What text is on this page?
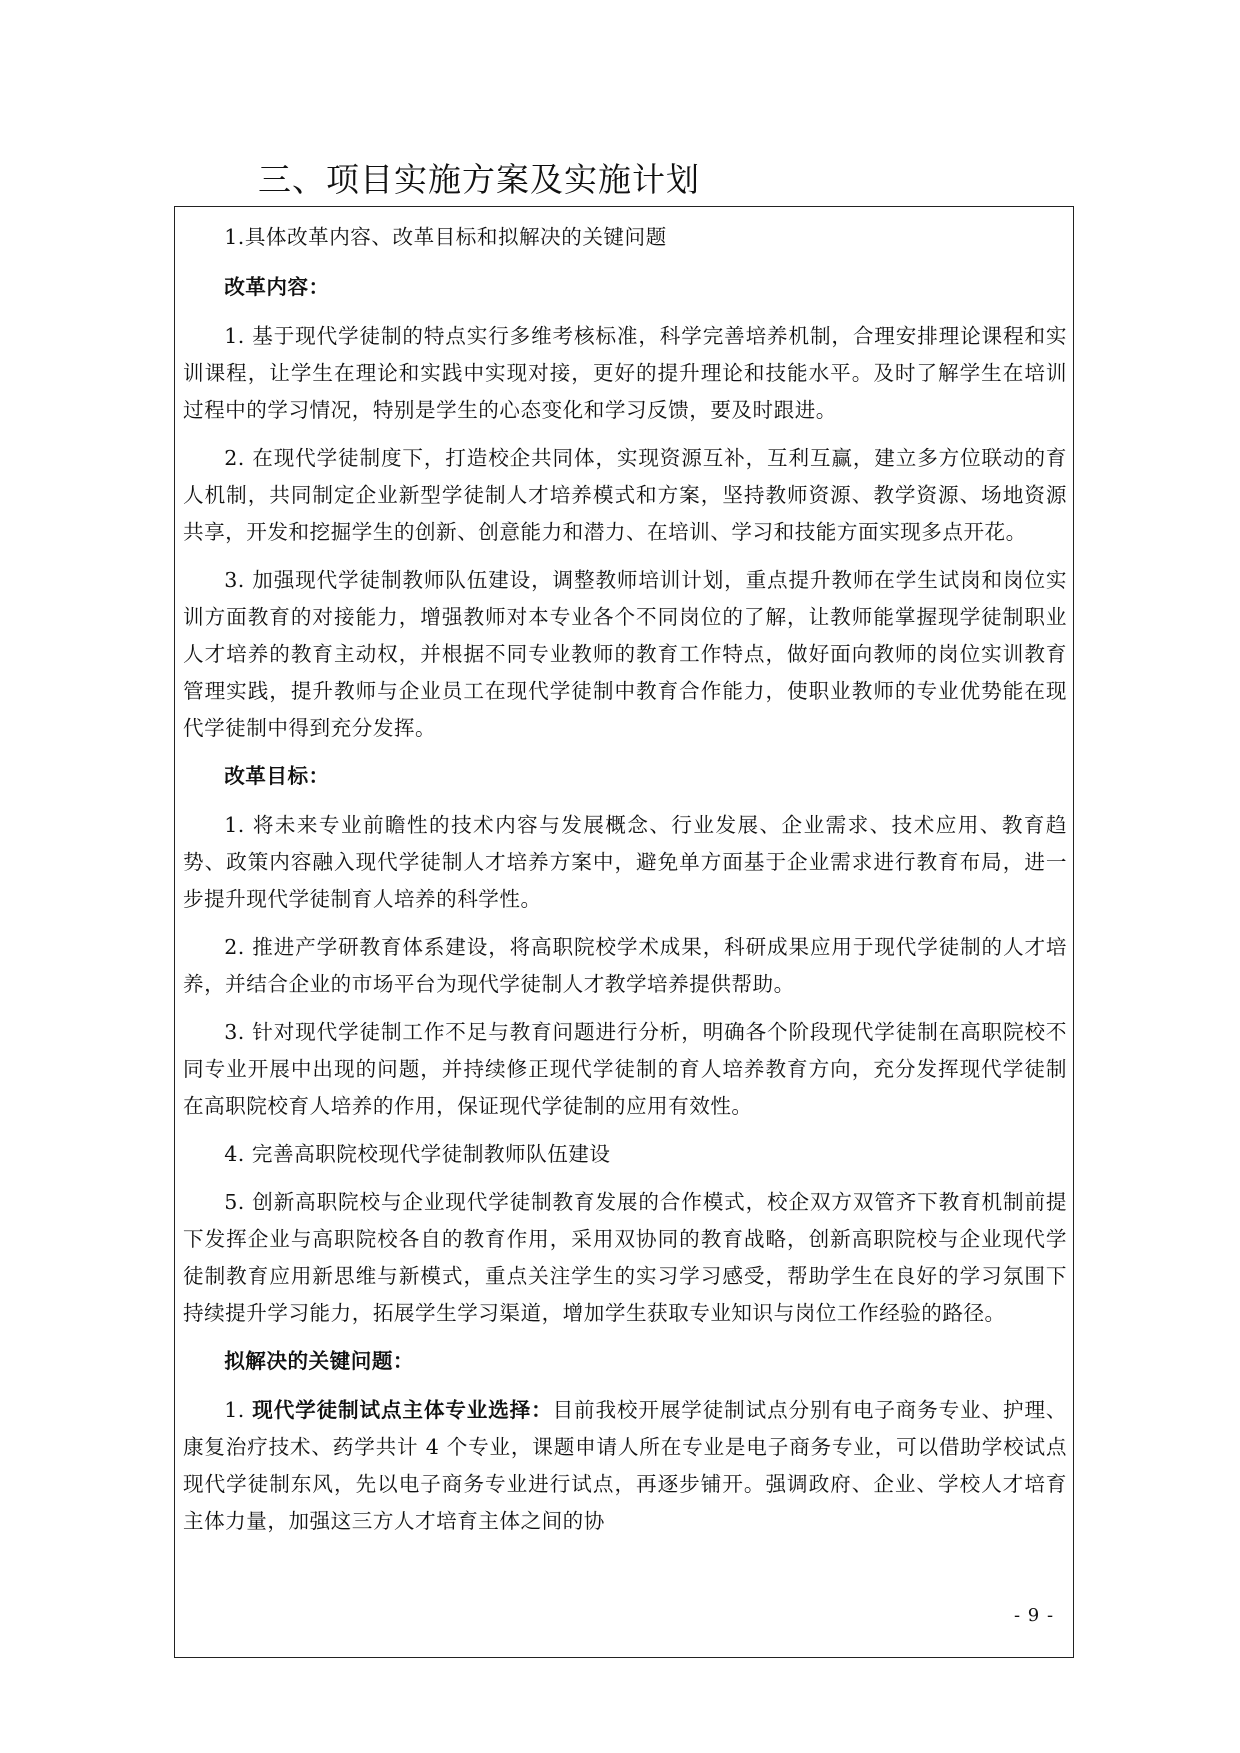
三、项目实施方案及实施计划

1.具体改革内容、改革目标和拟解决的关键问题

改革内容：

1. 基于现代学徒制的特点实行多维考核标准，科学完善培养机制，合理安排理论课程和实训课程，让学生在理论和实践中实现对接，更好的提升理论和技能水平。及时了解学生在培训过程中的学习情况，特别是学生的心态变化和学习反馈，要及时跟进。

2. 在现代学徒制度下，打造校企共同体，实现资源互补，互利互赢，建立多方位联动的育人机制，共同制定企业新型学徒制人才培养模式和方案，坚持教师资源、教学资源、场地资源共享，开发和挖掘学生的创新、创意能力和潜力、在培训、学习和技能方面实现多点开花。

3. 加强现代学徒制教师队伍建设，调整教师培训计划，重点提升教师在学生试岗和岗位实训方面教育的对接能力，增强教师对本专业各个不同岗位的了解，让教师能掌握现学徒制职业人才培养的教育主动权，并根据不同专业教师的教育工作特点，做好面向教师的岗位实训教育管理实践，提升教师与企业员工在现代学徒制中教育合作能力，使职业教师的专业优势能在现代学徒制中得到充分发挥。

改革目标：

1. 将未来专业前瞻性的技术内容与发展概念、行业发展、企业需求、技术应用、教育趋势、政策内容融入现代学徒制人才培养方案中，避免单方面基于企业需求进行教育布局，进一步提升现代学徒制育人培养的科学性。

2. 推进产学研教育体系建设，将高职院校学术成果，科研成果应用于现代学徒制的人才培养，并结合企业的市场平台为现代学徒制人才教学培养提供帮助。

3. 针对现代学徒制工作不足与教育问题进行分析，明确各个阶段现代学徒制在高职院校不同专业开展中出现的问题，并持续修正现代学徒制的育人培养教育方向，充分发挥现代学徒制在高职院校育人培养的作用，保证现代学徒制的应用有效性。

4. 完善高职院校现代学徒制教师队伍建设

5. 创新高职院校与企业现代学徒制教育发展的合作模式，校企双方双管齐下教育机制前提下发挥企业与高职院校各自的教育作用，采用双协同的教育战略，创新高职院校与企业现代学徒制教育应用新思维与新模式，重点关注学生的实习学习感受，帮助学生在良好的学习氛围下持续提升学习能力，拓展学生学习渠道，增加学生获取专业知识与岗位工作经验的路径。

拟解决的关键问题：

1. 现代学徒制试点主体专业选择：目前我校开展学徒制试点分别有电子商务专业、护理、康复治疗技术、药学共计 4 个专业，课题申请人所在专业是电子商务专业，可以借助学校试点现代学徒制东风，先以电子商务专业进行试点，再逐步铺开。强调政府、企业、学校人才培育主体力量，加强这三方人才培育主体之间的协

- 9 -
